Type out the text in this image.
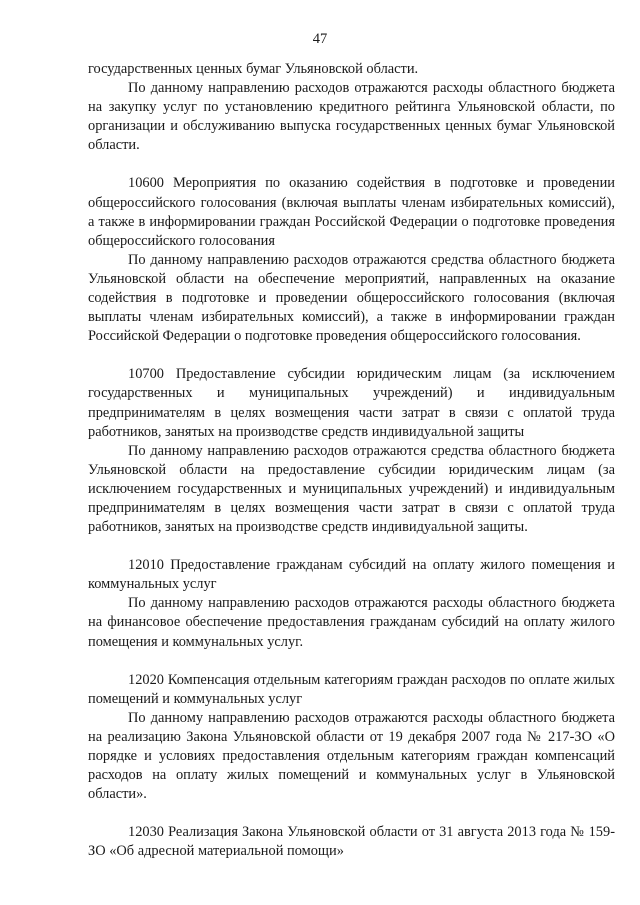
47

государственных ценных бумаг Ульяновской области.

По данному направлению расходов отражаются расходы областного бюджета на закупку услуг по установлению кредитного рейтинга Ульяновской области, по организации и обслуживанию выпуска государственных ценных бумаг Ульяновской области.

10600 Мероприятия по оказанию содействия в подготовке и проведении общероссийского голосования (включая выплаты членам избирательных комиссий), а также в информировании граждан Российской Федерации о подготовке проведения общероссийского голосования

По данному направлению расходов отражаются средства областного бюджета Ульяновской области на обеспечение мероприятий, направленных на оказание содействия в подготовке и проведении общероссийского голосования (включая выплаты членам избирательных комиссий), а также в информировании граждан Российской Федерации о подготовке проведения общероссийского голосования.

10700 Предоставление субсидии юридическим лицам (за исключением государственных и муниципальных учреждений) и индивидуальным предпринимателям в целях возмещения части затрат в связи с оплатой труда работников, занятых на производстве средств индивидуальной защиты

По данному направлению расходов отражаются средства областного бюджета Ульяновской области на предоставление субсидии юридическим лицам (за исключением государственных и муниципальных учреждений) и индивидуальным предпринимателям в целях возмещения части затрат в связи с оплатой труда работников, занятых на производстве средств индивидуальной защиты.

12010 Предоставление гражданам субсидий на оплату жилого помещения и коммунальных услуг

По данному направлению расходов отражаются расходы областного бюджета на финансовое обеспечение предоставления гражданам субсидий на оплату жилого помещения и коммунальных услуг.

12020 Компенсация отдельным категориям граждан расходов по оплате жилых помещений и коммунальных услуг

По данному направлению расходов отражаются расходы областного бюджета на реализацию Закона Ульяновской области от 19 декабря 2007 года № 217-ЗО «О порядке и условиях предоставления отдельным категориям граждан компенсаций расходов на оплату жилых помещений и коммунальных услуг в Ульяновской области».

12030 Реализация Закона Ульяновской области от 31 августа 2013 года № 159-ЗО «Об адресной материальной помощи»
